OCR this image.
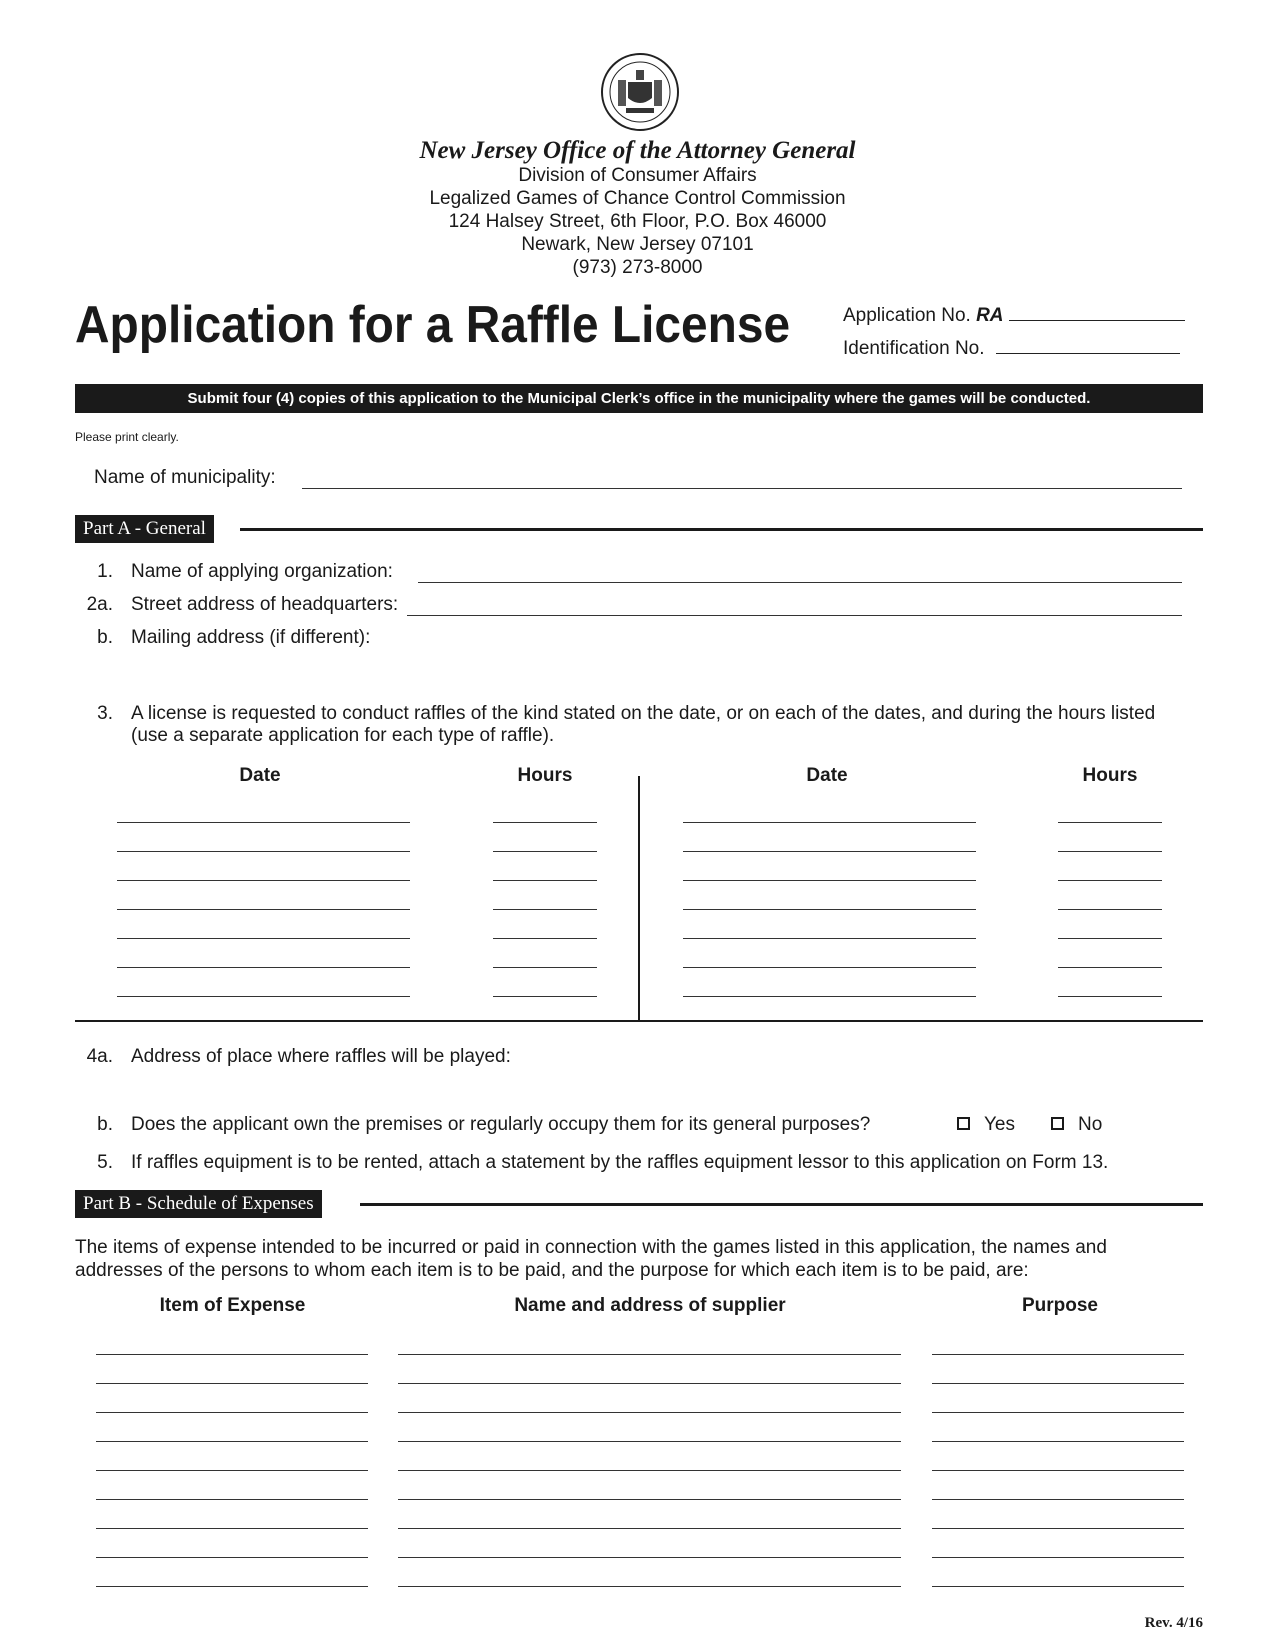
New Jersey Office of the Attorney General
Division of Consumer Affairs
Legalized Games of Chance Control Commission
124 Halsey Street, 6th Floor, P.O. Box 46000
Newark, New Jersey 07101
(973) 273-8000
Application for a Raffle License	Application No. RA
Identification No.
Submit four (4) copies of this application to the Municipal Clerk’s office in the municipality where the games will be conducted.
Please print clearly.
Name of municipality:
Part A - General
1. Name of applying organization:
2a. Street address of headquarters:
b. Mailing address (if different):
3. A license is requested to conduct raffles of the kind stated on the date, or on each of the dates, and during the hours listed
(use a separate application for each type of raffle).
Date	Hours	Date	Hours
4a. Address of place where raffles will be played:
b. Does the applicant own the premises or regularly occupy them for its general purposes?	Yes	No
5. If raffles equipment is to be rented, attach a statement by the raffles equipment lessor to this application on Form 13.
Part B - Schedule of Expenses
The items of expense intended to be incurred or paid in connection with the games listed in this application, the names and
addresses of the persons to whom each item is to be paid, and the purpose for which each item is to be paid, are:
Item of Expense	Name and address of supplier	Purpose
Rev. 4/16
